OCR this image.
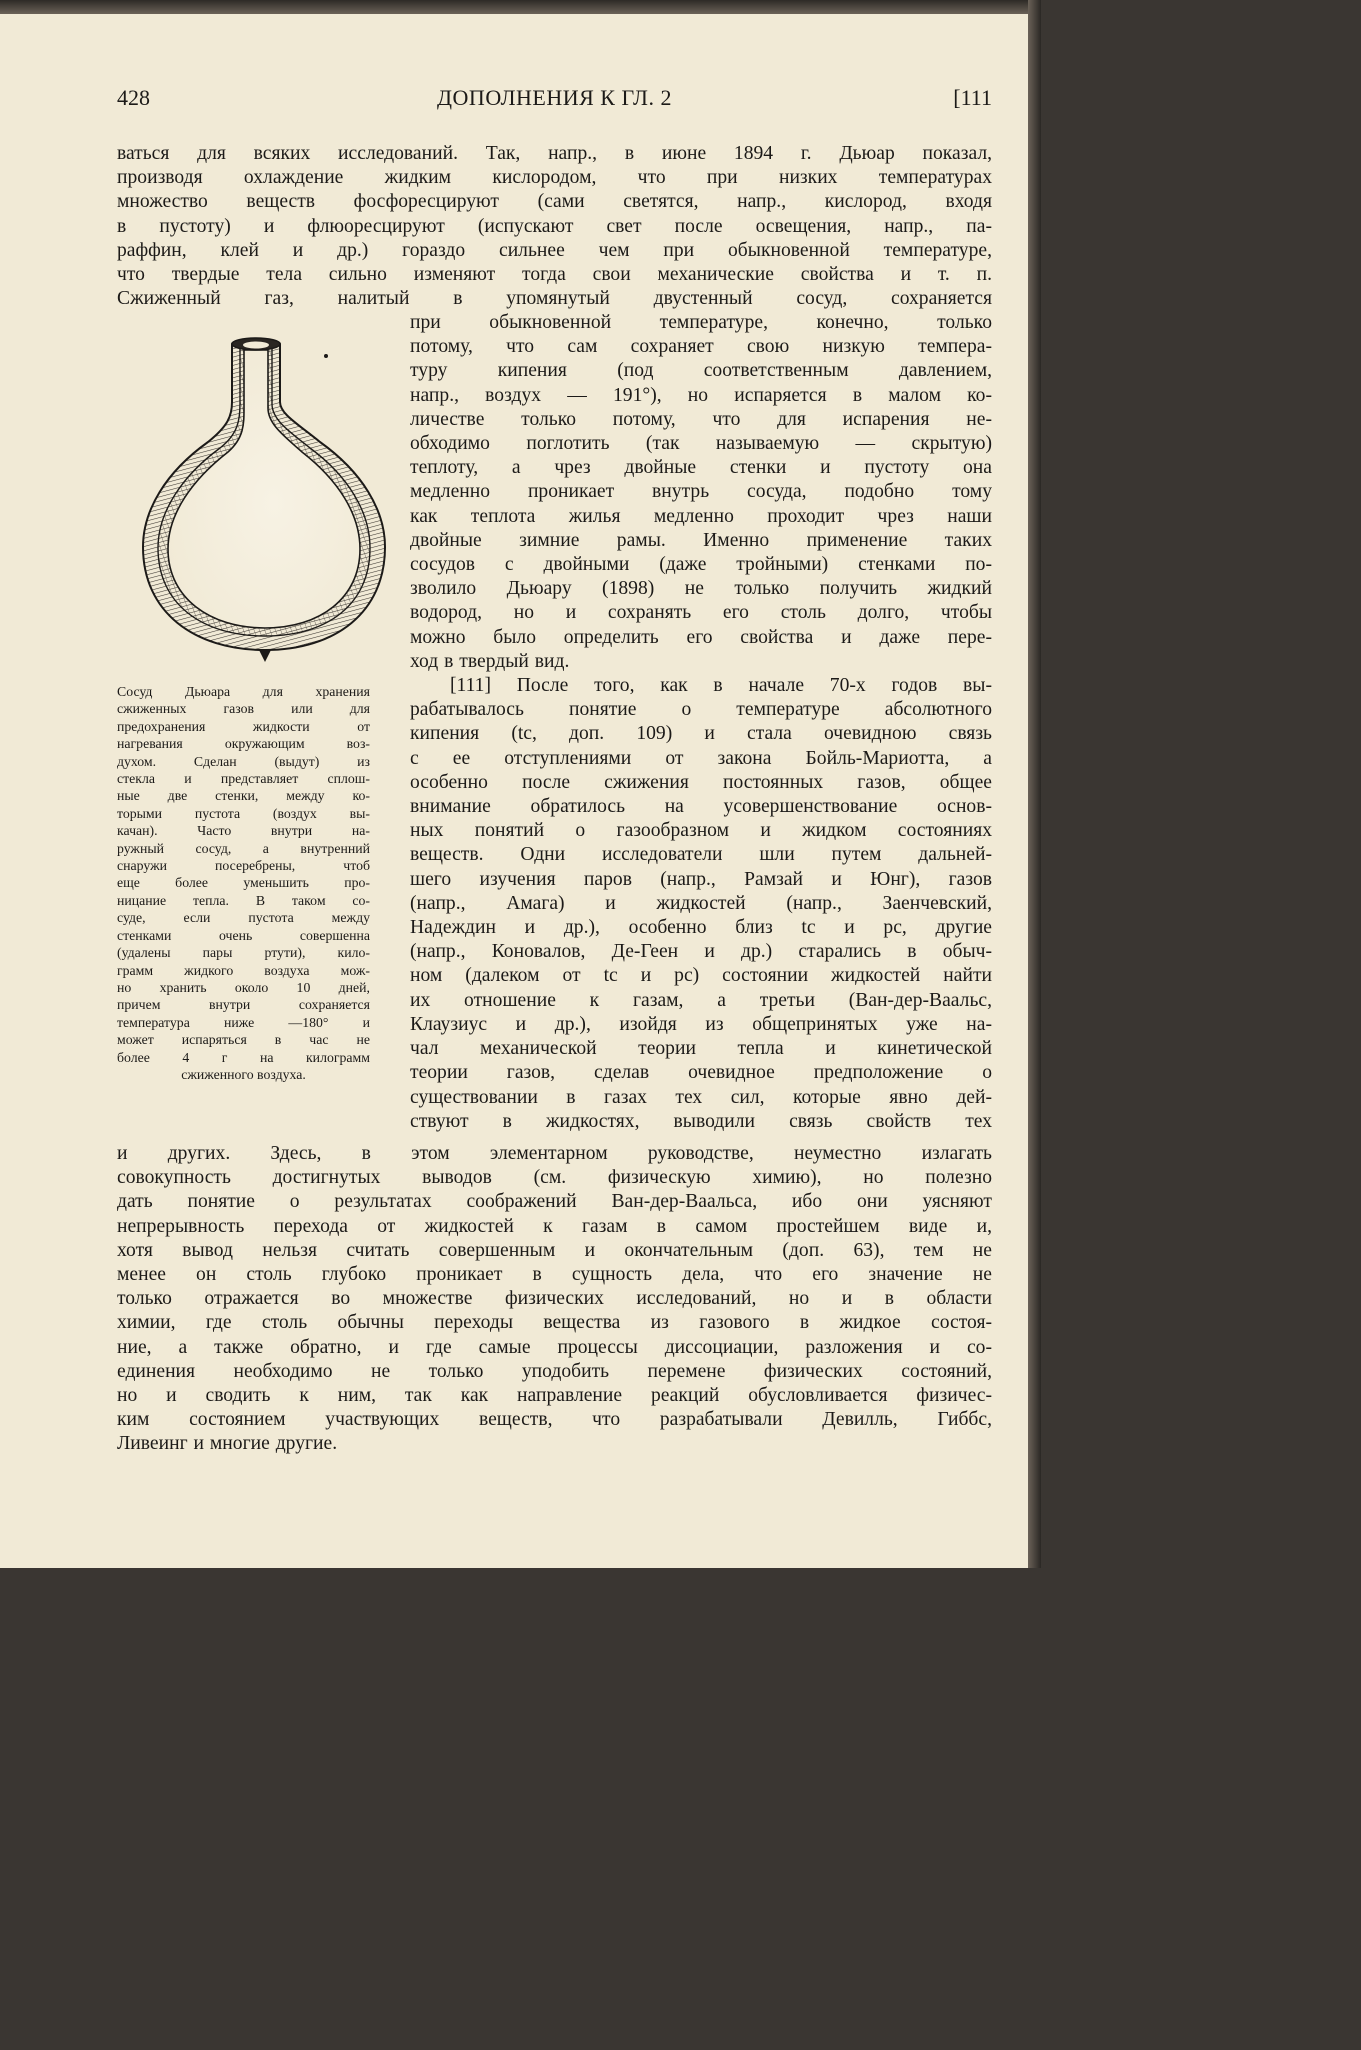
428	ДОПОЛНЕНИЯ К ГЛ. 2	[111
ваться для всяких исследований. Так, напр., в июне 1894 г. Дьюар показал,
производя охлаждение жидким кислородом, что при низких температурах
множество веществ фосфоресцируют (сами светятся, напр., кислород, входя
в пустоту) и флюоресцируют (испускают свет после освещения, напр., па-
раффин, клей и др.) гораздо сильнее чем при обыкновенной температуре,
что твердые тела сильно изменяют тогда свои механические свойства и т. п.
Сжиженный газ, налитый в упомянутый двустенный сосуд, сохраняется
при обыкновенной температуре, конечно, только
потому, что сам сохраняет свою низкую темпера-
туру кипения (под соответственным давлением,
напр., воздух — 191°), но испаряется в малом ко-
личестве только потому, что для испарения не-
обходимо поглотить (так называемую — скрытую)
теплоту, а чрез двойные стенки и пустоту она
медленно проникает внутрь сосуда, подобно тому
как теплота жилья медленно проходит чрез наши
двойные зимние рамы. Именно применение таких
сосудов с двойными (даже тройными) стенками по-
зволило Дьюару (1898) не только получить жидкий
водород, но и сохранять его столь долго, чтобы
можно было определить его свойства и даже пере-
ход в твердый вид.
[111] После того, как в начале 70-х годов вы-
рабатывалось понятие о температуре абсолютного
кипения (tc, доп. 109) и стала очевидною связь
с ее отступлениями от закона Бойль-Мариотта, а
особенно после сжижения постоянных газов, общее
внимание обратилось на усовершенствование основ-
ных понятий о газообразном и жидком состояниях
веществ. Одни исследователи шли путем дальней-
шего изучения паров (напр., Рамзай и Юнг), газов
(напр., Амага) и жидкостей (напр., Заенчевский,
Надеждин и др.), особенно близ tc и pc, другие
(напр., Коновалов, Де-Геен и др.) старались в обыч-
ном (далеком от tc и pc) состоянии жидкостей найти
их отношение к газам, а третьи (Ван-дер-Ваальс,
Клаузиус и др.), изойдя из общепринятых уже на-
чал механической теории тепла и кинетической
теории газов, сделав очевидное предположение о
существовании в газах тех сил, которые явно дей-
ствуют в жидкостях, выводили связь свойств тех
Сосуд Дьюара для хранения
сжиженных газов или для
предохранения жидкости от
нагревания окружающим воз-
духом. Сделан (выдут) из
стекла и представляет сплош-
ные две стенки, между ко-
торыми пустота (воздух вы-
качан). Часто внутри на-
ружный сосуд, а внутренний
снаружи посеребрены, чтоб
еще более уменьшить про-
ницание тепла. В таком со-
суде, если пустота между
стенками очень совершенна
(удалены пары ртути), кило-
грамм жидкого воздуха мож-
но хранить около 10 дней,
причем внутри сохраняется
температура ниже —180° и
может испаряться в час не
более 4 г на килограмм
сжиженного воздуха.
и других. Здесь, в этом элементарном руководстве, неуместно излагать
совокупность достигнутых выводов (см. физическую химию), но полезно
дать понятие о результатах соображений Ван-дер-Ваальса, ибо они уясняют
непрерывность перехода от жидкостей к газам в самом простейшем виде и,
хотя вывод нельзя считать совершенным и окончательным (доп. 63), тем не
менее он столь глубоко проникает в сущность дела, что его значение не
только отражается во множестве физических исследований, но и в области
химии, где столь обычны переходы вещества из газового в жидкое состоя-
ние, а также обратно, и где самые процессы диссоциации, разложения и со-
единения необходимо не только уподобить перемене физических состояний,
но и сводить к ним, так как направление реакций обусловливается физичес-
ким состоянием участвующих веществ, что разрабатывали Девилль, Гиббс,
Ливеинг и многие другие.
